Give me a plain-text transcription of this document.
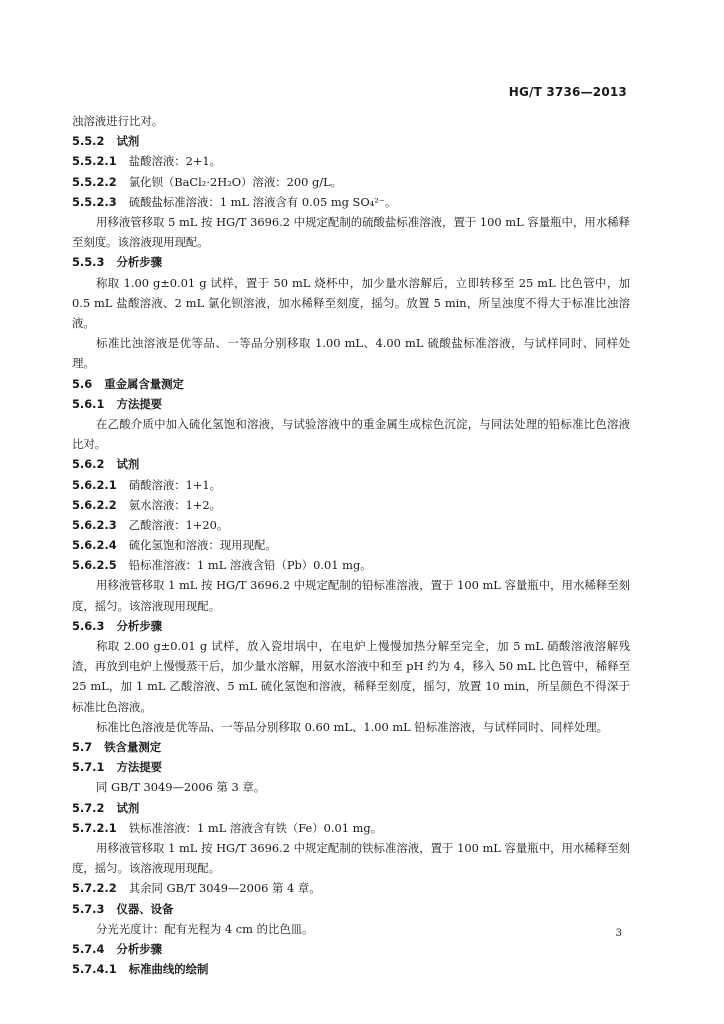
HG/T 3736—2013
浊溶液进行比对。
5.5.2 试剂
5.5.2.1 盐酸溶液：2+1。
5.5.2.2 氯化钡（BaCl₂·2H₂O）溶液：200 g/L。
5.5.2.3 硫酸盐标准溶液：1 mL 溶液含有 0.05 mg SO₄²⁻。
用移液管移取 5 mL 按 HG/T 3696.2 中规定配制的硫酸盐标准溶液，置于 100 mL 容量瓶中，用水稀释至刻度。该溶液现用现配。
5.5.3 分析步骤
称取 1.00 g±0.01 g 试样，置于 50 mL 烧杯中，加少量水溶解后，立即转移至 25 mL 比色管中，加 0.5 mL 盐酸溶液、2 mL 氯化钡溶液，加水稀释至刻度，摇匀。放置 5 min，所呈浊度不得大于标准比浊溶液。
标准比浊溶液是优等品、一等品分别移取 1.00 mL、4.00 mL 硫酸盐标准溶液，与试样同时、同样处理。
5.6 重金属含量测定
5.6.1 方法提要
在乙酸介质中加入硫化氢饱和溶液，与试验溶液中的重金属生成棕色沉淀，与同法处理的铅标准比色溶液比对。
5.6.2 试剂
5.6.2.1 硝酸溶液：1+1。
5.6.2.2 氨水溶液：1+2。
5.6.2.3 乙酸溶液：1+20。
5.6.2.4 硫化氢饱和溶液：现用现配。
5.6.2.5 铅标准溶液：1 mL 溶液含铅（Pb）0.01 mg。
用移液管移取 1 mL 按 HG/T 3696.2 中规定配制的铅标准溶液，置于 100 mL 容量瓶中，用水稀释至刻度，摇匀。该溶液现用现配。
5.6.3 分析步骤
称取 2.00 g±0.01 g 试样，放入瓷坩埚中，在电炉上慢慢加热分解至完全，加 5 mL 硝酸溶液溶解残渣，再放到电炉上慢慢蒸干后，加少量水溶解，用氨水溶液中和至 pH 约为 4，移入 50 mL 比色管中，稀释至 25 mL，加 1 mL 乙酸溶液、5 mL 硫化氢饱和溶液，稀释至刻度，摇匀，放置 10 min，所呈颜色不得深于标准比色溶液。
标准比色溶液是优等品、一等品分别移取 0.60 mL、1.00 mL 铅标准溶液，与试样同时、同样处理。
5.7 铁含量测定
5.7.1 方法提要
同 GB/T 3049—2006 第 3 章。
5.7.2 试剂
5.7.2.1 铁标准溶液：1 mL 溶液含有铁（Fe）0.01 mg。
用移液管移取 1 mL 按 HG/T 3696.2 中规定配制的铁标准溶液，置于 100 mL 容量瓶中，用水稀释至刻度，摇匀。该溶液现用现配。
5.7.2.2 其余同 GB/T 3049—2006 第 4 章。
5.7.3 仪器、设备
分光光度计：配有光程为 4 cm 的比色皿。
5.7.4 分析步骤
5.7.4.1 标准曲线的绘制
3
